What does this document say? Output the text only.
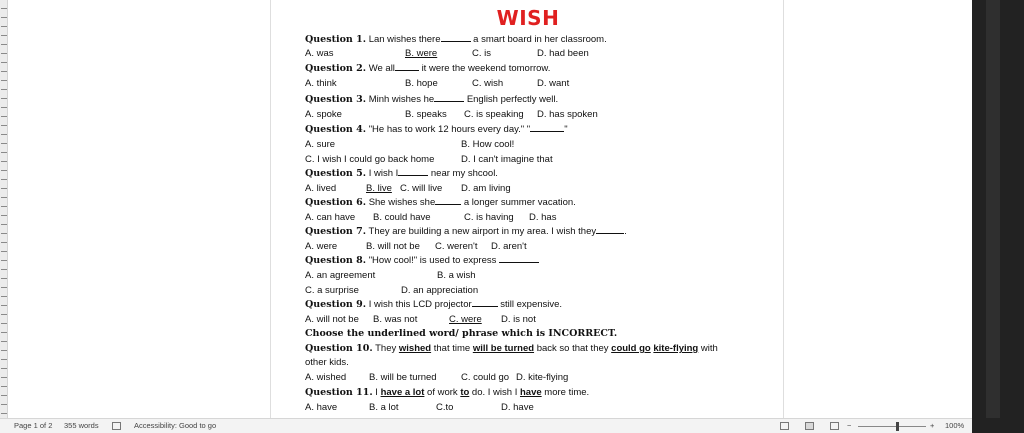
WISH
Question 1. Lan wishes there	a smart board in her classroom.
A. was	B. were	C. is	D. had been
Question 2. We all	it were the weekend tomorrow.
A. think	B. hope	C. wish	D. want
Question 3. Minh wishes he	English perfectly well.
A. spoke	B. speaks C. is speaking D. has spoken
Question 4. "He has to work 12 hours every day." "	"
A. sure	B. How cool!
C. I wish I could go back home	D. I can't imagine that
Question 5. I wish I	near my shcool.
A. lived	B. live C. will live D. am living
Question 6. She wishes she	a longer summer vacation.
A. can have B. could have	C. is having D. has
Question 7. They are building a new airport in my area. I wish they	.
A. were	B. will not be C. weren't D. aren't
Question 8. "How cool!" is used to express
A. an agreement	B. a wish
C. a surprise	D. an appreciation
Question 9. I wish this LCD projector	still expensive.
A. will not be B. was not	C. were D. is not
Choose the underlined word/ phrase which is INCORRECT.
Question 10. They wished that time will be turned back so that they could go kite-flying with
other kids.
A. wished B. will be turned	C. could go D. kite-flying
Question 11. I have a lot of work to do. I wish I have more time.
A. have	B. a lot	C.to	D. have
Page 1 of 2 355 words	Accessibility: Good to go	−	+ 100%
